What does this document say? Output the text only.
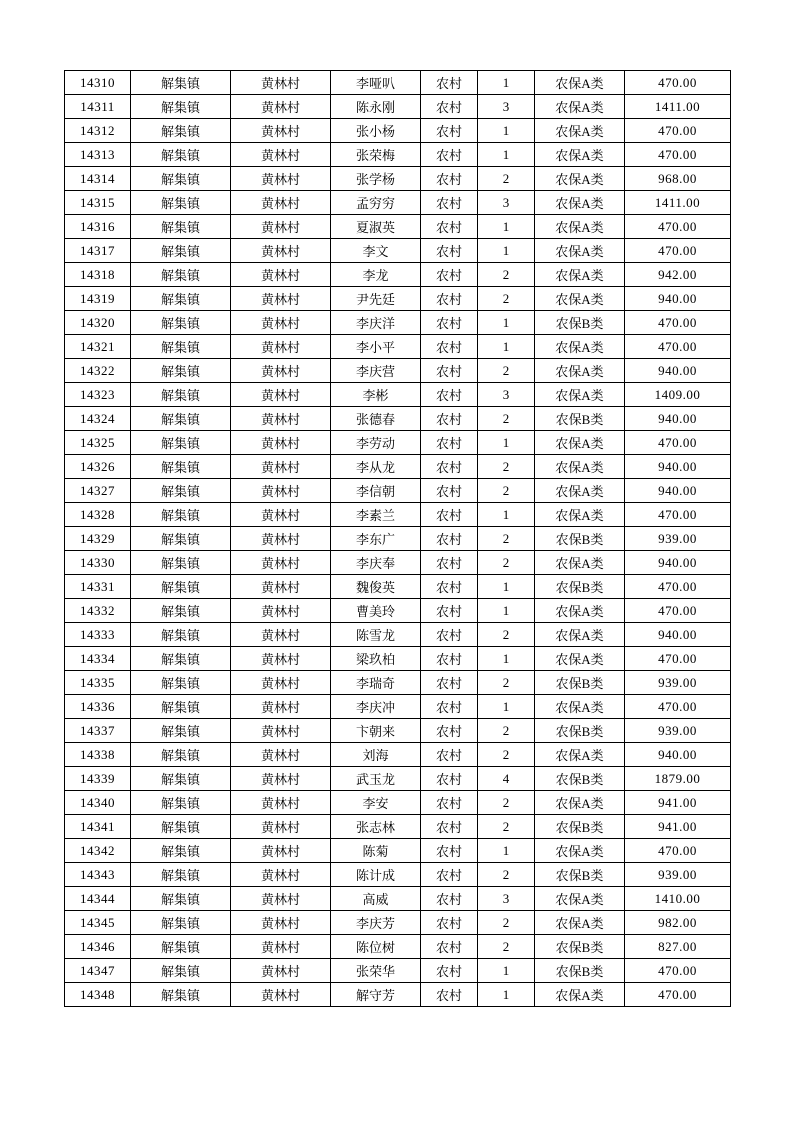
14310	解集镇	黄林村	李哑叭	农村	1	农保A类	470.00
14311	解集镇	黄林村	陈永刚	农村	3	农保A类	1411.00
14312	解集镇	黄林村	张小杨	农村	1	农保A类	470.00
14313	解集镇	黄林村	张荣梅	农村	1	农保A类	470.00
14314	解集镇	黄林村	张学杨	农村	2	农保A类	968.00
14315	解集镇	黄林村	孟穷穷	农村	3	农保A类	1411.00
14316	解集镇	黄林村	夏淑英	农村	1	农保A类	470.00
14317	解集镇	黄林村	李文	农村	1	农保A类	470.00
14318	解集镇	黄林村	李龙	农村	2	农保A类	942.00
14319	解集镇	黄林村	尹先廷	农村	2	农保A类	940.00
14320	解集镇	黄林村	李庆洋	农村	1	农保B类	470.00
14321	解集镇	黄林村	李小平	农村	1	农保A类	470.00
14322	解集镇	黄林村	李庆营	农村	2	农保A类	940.00
14323	解集镇	黄林村	李彬	农村	3	农保A类	1409.00
14324	解集镇	黄林村	张德春	农村	2	农保B类	940.00
14325	解集镇	黄林村	李劳动	农村	1	农保A类	470.00
14326	解集镇	黄林村	李从龙	农村	2	农保A类	940.00
14327	解集镇	黄林村	李信朝	农村	2	农保A类	940.00
14328	解集镇	黄林村	李素兰	农村	1	农保A类	470.00
14329	解集镇	黄林村	李东广	农村	2	农保B类	939.00
14330	解集镇	黄林村	李庆奉	农村	2	农保A类	940.00
14331	解集镇	黄林村	魏俊英	农村	1	农保B类	470.00
14332	解集镇	黄林村	曹美玲	农村	1	农保A类	470.00
14333	解集镇	黄林村	陈雪龙	农村	2	农保A类	940.00
14334	解集镇	黄林村	梁玖柏	农村	1	农保A类	470.00
14335	解集镇	黄林村	李瑞奇	农村	2	农保B类	939.00
14336	解集镇	黄林村	李庆冲	农村	1	农保A类	470.00
14337	解集镇	黄林村	卞朝来	农村	2	农保B类	939.00
14338	解集镇	黄林村	刘海	农村	2	农保A类	940.00
14339	解集镇	黄林村	武玉龙	农村	4	农保B类	1879.00
14340	解集镇	黄林村	李安	农村	2	农保A类	941.00
14341	解集镇	黄林村	张志林	农村	2	农保B类	941.00
14342	解集镇	黄林村	陈菊	农村	1	农保A类	470.00
14343	解集镇	黄林村	陈计成	农村	2	农保B类	939.00
14344	解集镇	黄林村	高威	农村	3	农保A类	1410.00
14345	解集镇	黄林村	李庆芳	农村	2	农保A类	982.00
14346	解集镇	黄林村	陈位树	农村	2	农保B类	827.00
14347	解集镇	黄林村	张荣华	农村	1	农保B类	470.00
14348	解集镇	黄林村	解守芳	农村	1	农保A类	470.00
